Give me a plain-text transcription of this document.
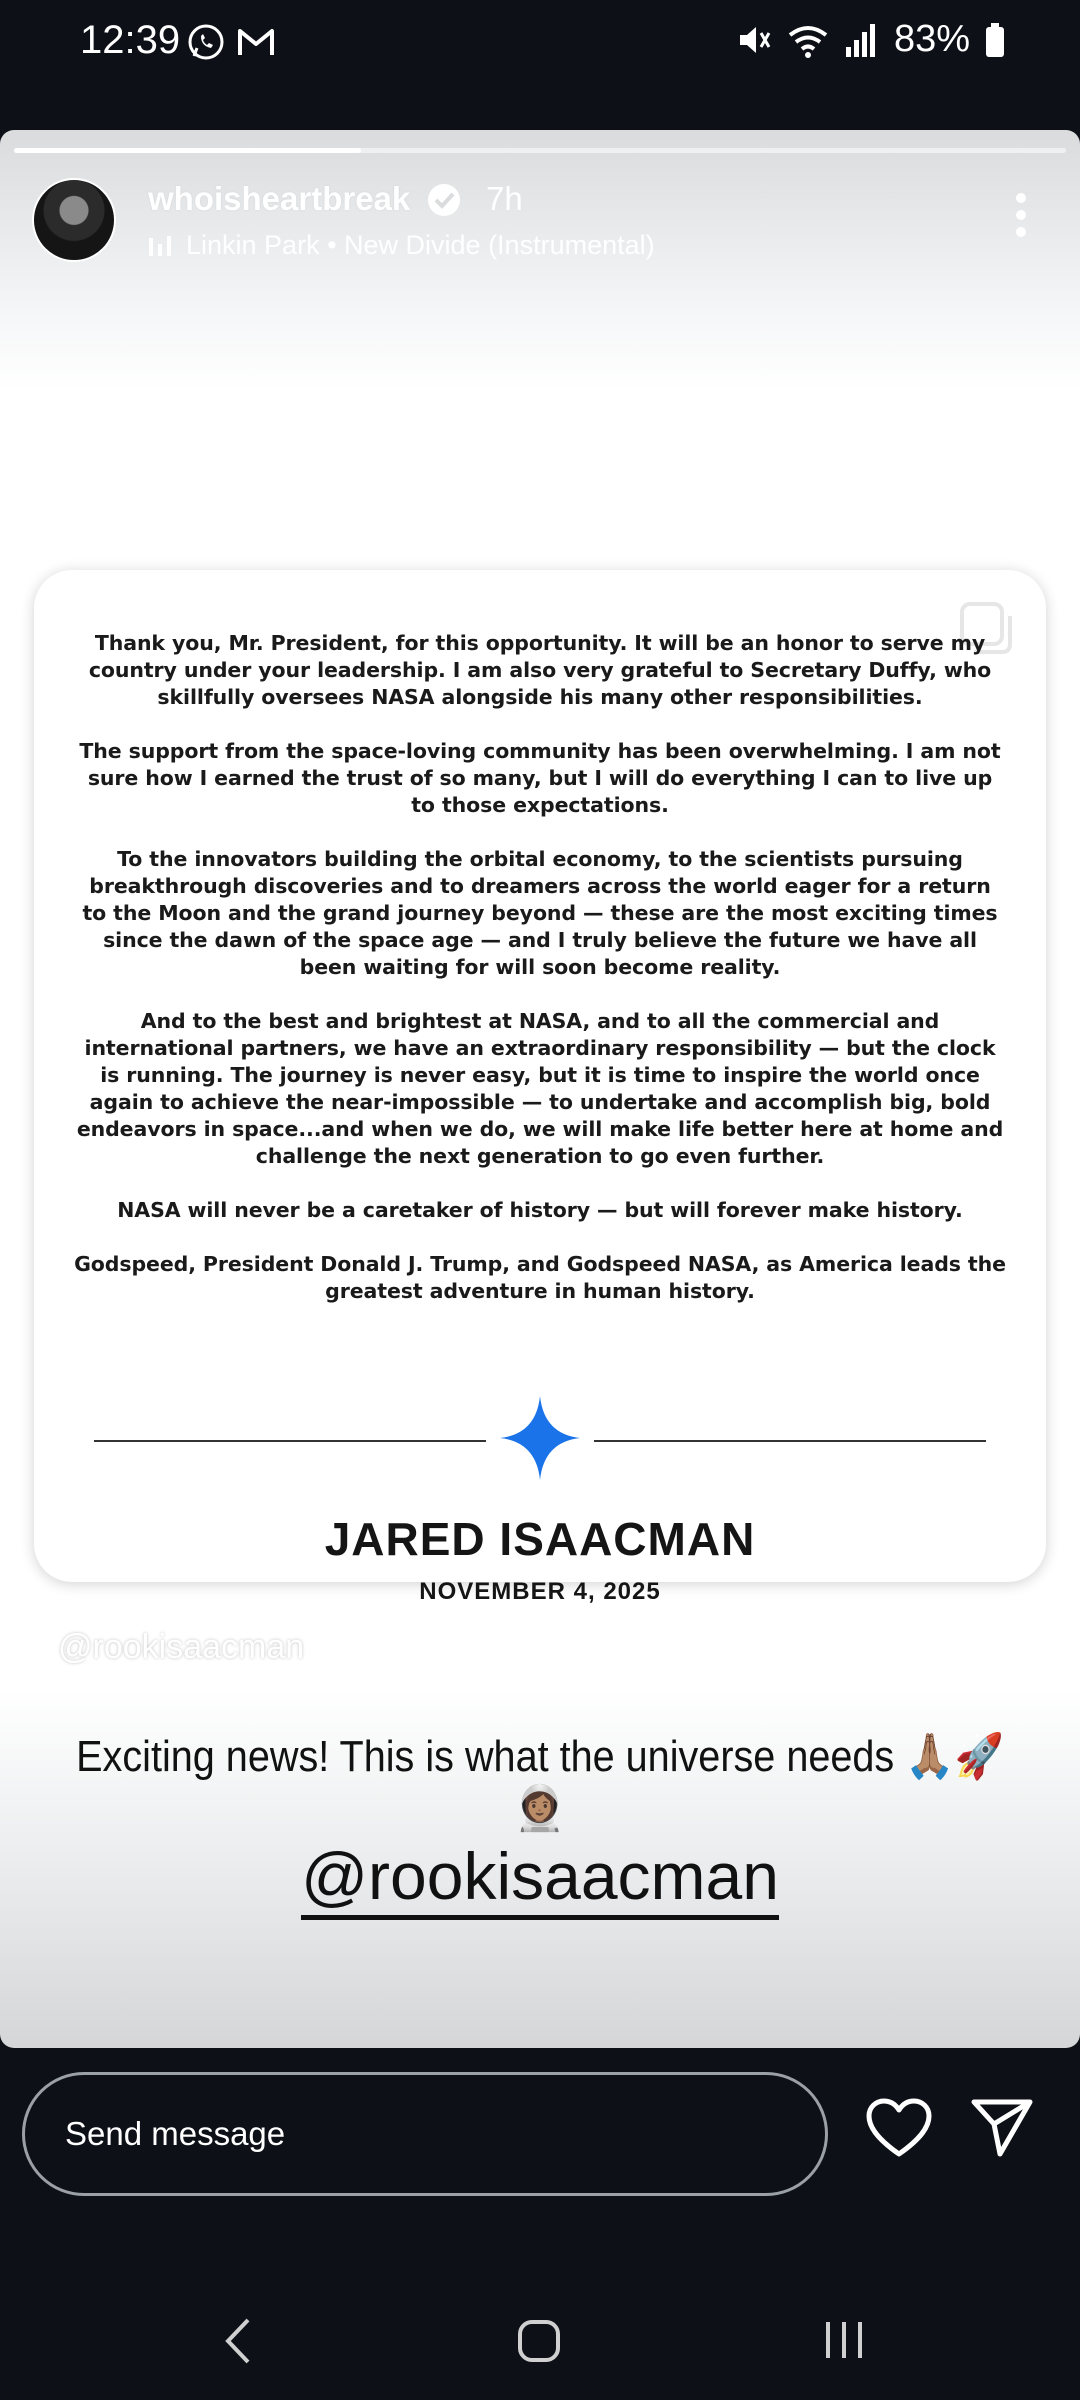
12:39	83%
whoisheartbreak 7h
Linkin Park • New Divide (Instrumental)

Thank you, Mr. President, for this opportunity. It will be an honor to serve my country under your leadership. I am also very grateful to Secretary Duffy, who skillfully oversees NASA alongside his many other responsibilities.

The support from the space-loving community has been overwhelming. I am not sure how I earned the trust of so many, but I will do everything I can to live up to those expectations.

To the innovators building the orbital economy, to the scientists pursuing breakthrough discoveries and to dreamers across the world eager for a return to the Moon and the grand journey beyond — these are the most exciting times since the dawn of the space age — and I truly believe the future we have all been waiting for will soon become reality.

And to the best and brightest at NASA, and to all the commercial and international partners, we have an extraordinary responsibility — but the clock is running. The journey is never easy, but it is time to inspire the world once again to achieve the near-impossible — to undertake and accomplish big, bold endeavors in space...and when we do, we will make life better here at home and challenge the next generation to go even further.

NASA will never be a caretaker of history — but will forever make history.

Godspeed, President Donald J. Trump, and Godspeed NASA, as America leads the greatest adventure in human history.

JARED ISAACMAN
NOVEMBER 4, 2025
@rookisaacman
Exciting news! This is what the universe needs 🙏🏽🚀👩🏽‍🚀
@rookisaacman
Send message
